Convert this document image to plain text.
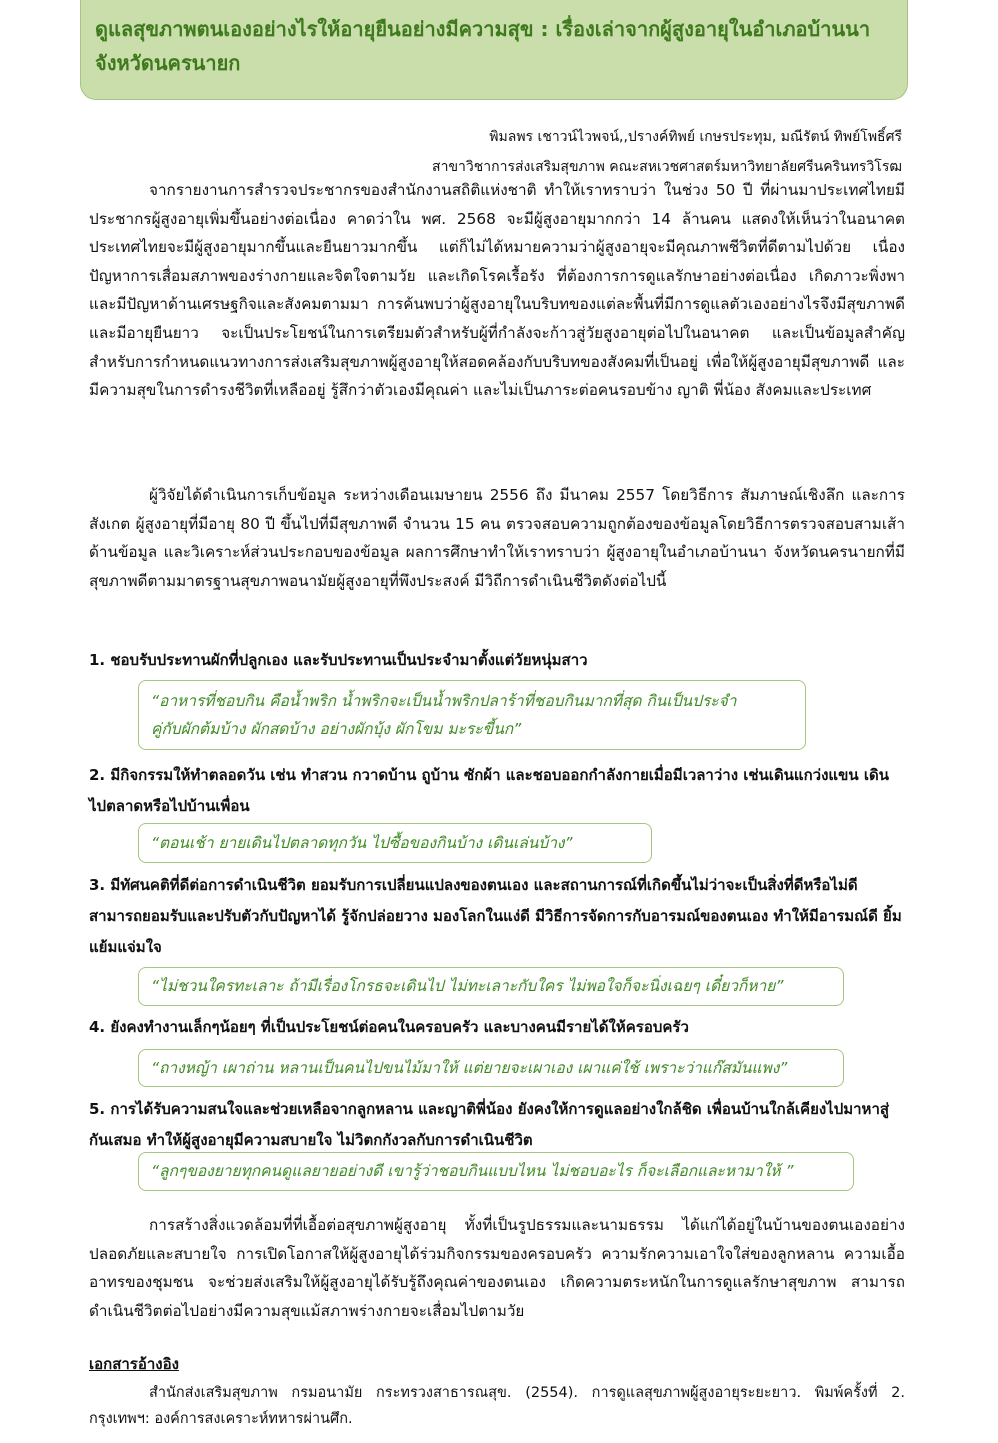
ดูแลสุขภาพตนเองอย่างไรให้อายุยืนอย่างมีความสุข : เรื่องเล่าจากผู้สูงอายุในอำเภอบ้านนา จังหวัดนครนายก

พิมลพร เชาวน์ไวพจน์,,ปรางค์ทิพย์ เกษรประทุม, มณีรัตน์ ทิพย์โพธิ์ศรี
สาขาวิชาการส่งเสริมสุขภาพ คณะสหเวชศาสตร์มหาวิทยาลัยศรีนครินทรวิโรฒ

จากรายงานการสำรวจประชากรของสำนักงานสถิติแห่งชาติ ทำให้เราทราบว่า ในช่วง 50 ปี ที่ผ่านมาประเทศไทยมีประชากรผู้สูงอายุเพิ่มขึ้นอย่างต่อเนื่อง คาดว่าใน พศ. 2568 จะมีผู้สูงอายุมากกว่า 14 ล้านคน แสดงให้เห็นว่าในอนาคตประเทศไทยจะมีผู้สูงอายุมากขึ้นและยืนยาวมากขึ้น แต่ก็ไม่ได้หมายความว่าผู้สูงอายุจะมีคุณภาพชีวิตที่ดีตามไปด้วย เนื่องปัญหาการเสื่อมสภาพของร่างกายและจิตใจตามวัย และเกิดโรคเรื้อรัง ที่ต้องการการดูแลรักษาอย่างต่อเนื่อง เกิดภาวะพิ่งพาและมีปัญหาด้านเศรษฐกิจและสังคมตามมา การค้นพบว่าผู้สูงอายุในบริบทของแต่ละพื้นที่มีการดูแลตัวเองอย่างไรจึงมีสุขภาพดีและมีอายุยืนยาว จะเป็นประโยชน์ในการเตรียมตัวสำหรับผู้ที่กำลังจะก้าวสู่วัยสูงอายุต่อไปในอนาคต และเป็นข้อมูลสำคัญสำหรับการกำหนดแนวทางการส่งเสริมสุขภาพผู้สูงอายุให้สอดคล้องกับบริบทของสังคมที่เป็นอยู่ เพื่อให้ผู้สูงอายุมีสุขภาพดี และมีความสุขในการดำรงชีวิตที่เหลืออยู่ รู้สึกว่าตัวเองมีคุณค่า และไม่เป็นภาระต่อคนรอบข้าง ญาติ พี่น้อง สังคมและประเทศ

ผู้วิจัยได้ดำเนินการเก็บข้อมูล ระหว่างเดือนเมษายน 2556 ถึง มีนาคม 2557 โดยวิธีการ สัมภาษณ์เชิงลึก และการสังเกต ผู้สูงอายุที่มีอายุ 80 ปี ขึ้นไปที่มีสุขภาพดี จำนวน 15 คน ตรวจสอบความถูกต้องของข้อมูลโดยวิธีการตรวจสอบสามเส้าด้านข้อมูล และวิเคราะห์ส่วนประกอบของข้อมูล ผลการศึกษาทำให้เราทราบว่า ผู้สูงอายุในอำเภอบ้านนา จังหวัดนครนายกที่มีสุขภาพดีตามมาตรฐานสุขภาพอนามัยผู้สูงอายุที่พึงประสงค์ มีวิถีการดำเนินชีวิตดังต่อไปนี้

1. ชอบรับประทานผักที่ปลูกเอง และรับประทานเป็นประจำมาตั้งแต่วัยหนุ่มสาว

“อาหารที่ชอบกิน คือน้ำพริก น้ำพริกจะเป็นน้ำพริกปลาร้าที่ชอบกินมากที่สุด กินเป็นประจำ
คู่กับผักต้มบ้าง ผักสดบ้าง อย่างผักบุ้ง ผักโขม มะระขี้นก”

2. มีกิจกรรมให้ทำตลอดวัน เช่น ทำสวน กวาดบ้าน ถูบ้าน ซักผ้า และชอบออกกำลังกายเมื่อมีเวลาว่าง เช่นเดินแกว่งแขน เดินไปตลาดหรือไปบ้านเพื่อน

“ตอนเช้า ยายเดินไปตลาดทุกวัน ไปซื้อของกินบ้าง เดินเล่นบ้าง”

3. มีทัศนคติที่ดีต่อการดำเนินชีวิต ยอมรับการเปลี่ยนแปลงของตนเอง และสถานการณ์ที่เกิดขึ้นไม่ว่าจะเป็นสิ่งที่ดีหรือไม่ดี สามารถยอมรับและปรับตัวกับปัญหาได้ รู้จักปล่อยวาง มองโลกในแง่ดี มีวิธีการจัดการกับอารมณ์ของตนเอง ทำให้มีอารมณ์ดี ยิ้มแย้มแจ่มใจ

“ไม่ชวนใครทะเลาะ ถ้ามีเรื่องโกรธจะเดินไป ไม่ทะเลาะกับใคร ไม่พอใจก็จะนิ่งเฉยๆ เดี๋ยวก็หาย”

4. ยังคงทำงานเล็กๆน้อยๆ ที่เป็นประโยชน์ต่อคนในครอบครัว และบางคนมีรายได้ให้ครอบครัว

“ถางหญ้า เผาถ่าน หลานเป็นคนไปขนไม้มาให้ แต่ยายจะเผาเอง เผาแค่ใช้ เพราะว่าแก๊สมันแพง”

5. การได้รับความสนใจและช่วยเหลือจากลูกหลาน และญาติพี่น้อง ยังคงให้การดูแลอย่างใกล้ชิด เพื่อนบ้านใกล้เคียงไปมาหาสู่กันเสมอ ทำให้ผู้สูงอายุมีความสบายใจ ไม่วิตกกังวลกับการดำเนินชีวิต

“ลูกๆของยายทุกคนดูแลยายอย่างดี เขารู้ว่าชอบกินแบบไหน ไม่ชอบอะไร ก็จะเลือกและหามาให้ ”

การสร้างสิ่งแวดล้อมที่ที่เอื้อต่อสุขภาพผู้สูงอายุ ทั้งที่เป็นรูปธรรมและนามธรรม ได้แก่ได้อยู่ในบ้านของตนเองอย่างปลอดภัยและสบายใจ การเปิดโอกาสให้ผู้สูงอายุได้ร่วมกิจกรรมของครอบครัว ความรักความเอาใจใส่ของลูกหลาน ความเอื้ออาทรของชุมชน จะช่วยส่งเสริมให้ผู้สูงอายุได้รับรู้ถึงคุณค่าของตนเอง เกิดความตระหนักในการดูแลรักษาสุขภาพ สามารถดำเนินชีวิตต่อไปอย่างมีความสุขแม้สภาพร่างกายจะเสื่อมไปตามวัย

เอกสารอ้างอิง

สำนักส่งเสริมสุขภาพ กรมอนามัย กระทรวงสาธารณสุข. (2554). การดูแลสุขภาพผู้สูงอายุระยะยาว. พิมพ์ครั้งที่ 2. กรุงเทพฯ: องค์การสงเคราะห์ทหารผ่านศึก.
